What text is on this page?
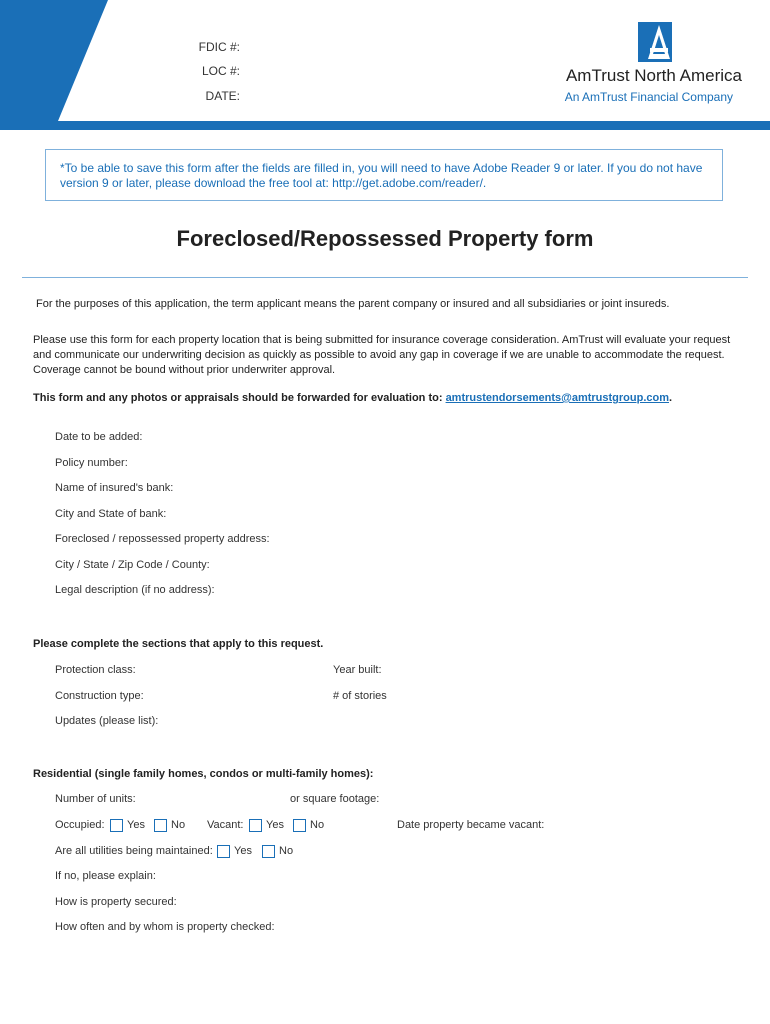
FDIC #:
LOC #:
DATE:
AmTrust North America
An AmTrust Financial Company
*To be able to save this form after the fields are filled in, you will need to have Adobe Reader 9 or later. If you do not have version 9 or later, please download the free tool at: http://get.adobe.com/reader/.
Foreclosed/Repossessed Property form
For the purposes of this application, the term applicant means the parent company or insured and all subsidiaries or joint insureds.
Please use this form for each property location that is being submitted for insurance coverage consideration. AmTrust will evaluate your request and communicate our underwriting decision as quickly as possible to avoid any gap in coverage if we are unable to accommodate the request. Coverage cannot be bound without prior underwriter approval.
This form and any photos or appraisals should be forwarded for evaluation to: amtrustendorsements@amtrustgroup.com.
Date to be added:
Policy number:
Name of insured's bank:
City and State of bank:
Foreclosed / repossessed property address:
City / State / Zip Code / County:
Legal description (if no address):
Please complete the sections that apply to this request.
Protection class:	Year built:
Construction type:	# of stories
Updates (please list):
Residential (single family homes, condos or multi-family homes):
Number of units:	or square footage:
Occupied: Yes No Vacant: Yes No	Date property became vacant:
Are all utilities being maintained: Yes No
If no, please explain:
How is property secured:
How often and by whom is property checked:
